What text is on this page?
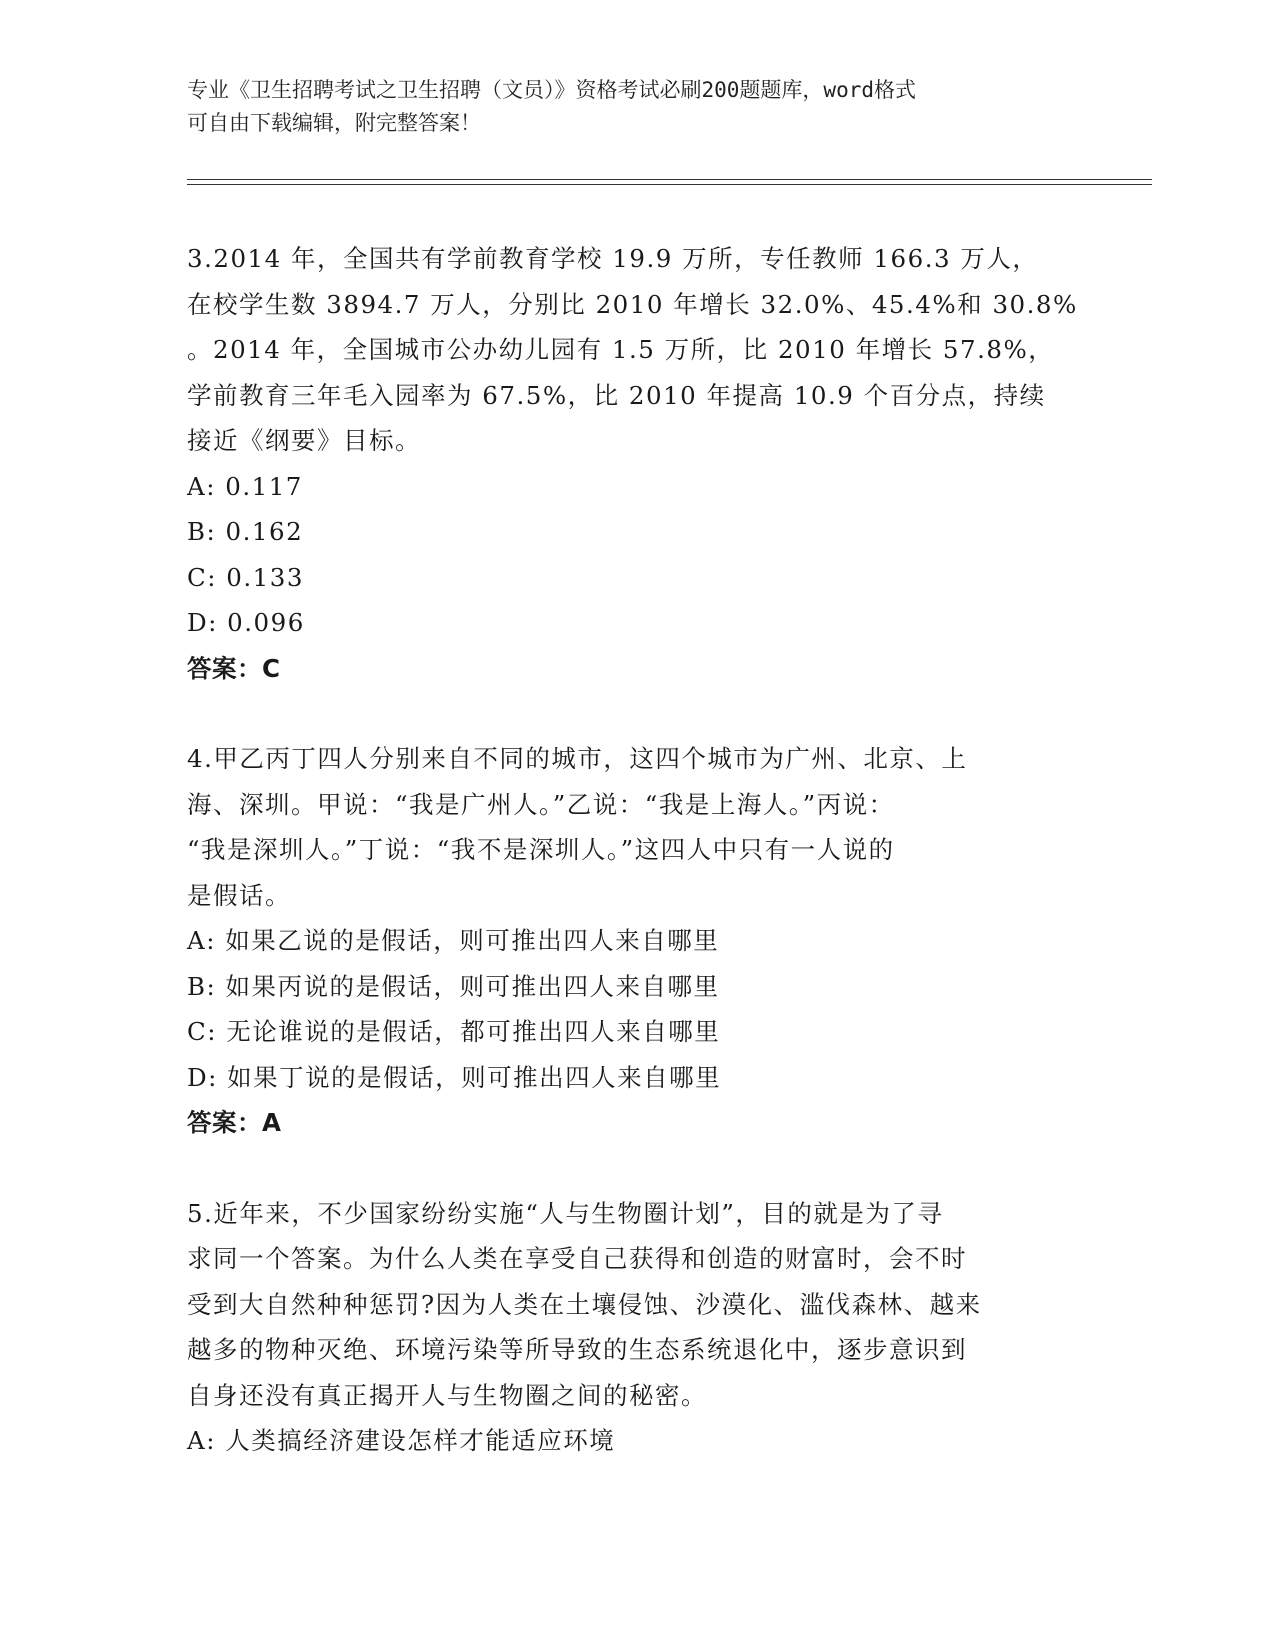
专业《卫生招聘考试之卫生招聘（文员）》资格考试必刷200题题库，word格式
可自由下载编辑，附完整答案！

3.2014 年，全国共有学前教育学校 19.9 万所，专任教师 166.3 万人，

在校学生数 3894.7 万人，分别比 2010 年增长 32.0%、45.4%和 30.8%

。2014 年，全国城市公办幼儿园有 1.5 万所，比 2010 年增长 57.8%，

学前教育三年毛入园率为 67.5%，比 2010 年提高 10.9 个百分点，持续

接近《纲要》目标。

A: 0.117

B: 0.162

C: 0.133

D: 0.096

答案：C

4.甲乙丙丁四人分别来自不同的城市，这四个城市为广州、北京、上

海、深圳。甲说：“我是广州人。”乙说：“我是上海人。”丙说：

“我是深圳人。”丁说：“我不是深圳人。”这四人中只有一人说的

是假话。

A: 如果乙说的是假话，则可推出四人来自哪里

B: 如果丙说的是假话，则可推出四人来自哪里

C: 无论谁说的是假话，都可推出四人来自哪里

D: 如果丁说的是假话，则可推出四人来自哪里

答案：A

5.近年来，不少国家纷纷实施“人与生物圈计划”，目的就是为了寻

求同一个答案。为什么人类在享受自己获得和创造的财富时，会不时

受到大自然种种惩罚?因为人类在土壤侵蚀、沙漠化、滥伐森林、越来

越多的物种灭绝、环境污染等所导致的生态系统退化中，逐步意识到

自身还没有真正揭开人与生物圈之间的秘密。

A: 人类搞经济建设怎样才能适应环境
